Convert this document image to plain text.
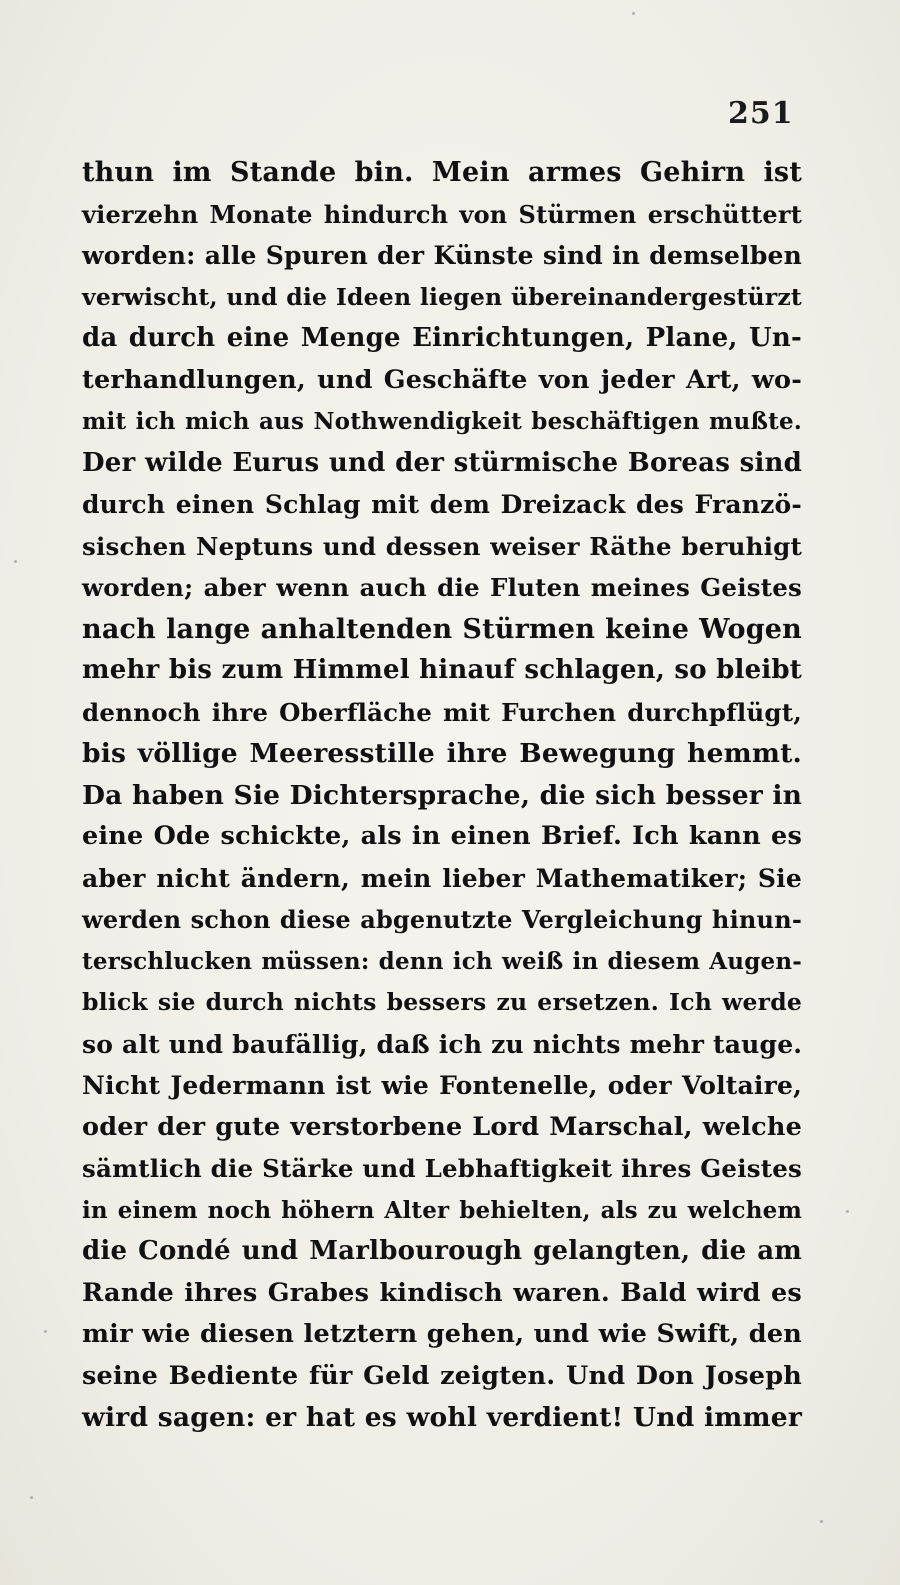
251
thun im Stande bin. Mein armes Gehirn ist
vierzehn Monate hindurch von Stürmen erschüttert
worden: alle Spuren der Künste sind in demselben
verwischt, und die Ideen liegen übereinandergestürzt
da durch eine Menge Einrichtungen, Plane, Un-
terhandlungen, und Geschäfte von jeder Art, wo-
mit ich mich aus Nothwendigkeit beschäftigen mußte.
Der wilde Eurus und der stürmische Boreas sind
durch einen Schlag mit dem Dreizack des Franzö-
sischen Neptuns und dessen weiser Räthe beruhigt
worden; aber wenn auch die Fluten meines Geistes
nach lange anhaltenden Stürmen keine Wogen
mehr bis zum Himmel hinauf schlagen, so bleibt
dennoch ihre Oberfläche mit Furchen durchpflügt,
bis völlige Meeresstille ihre Bewegung hemmt.
Da haben Sie Dichtersprache, die sich besser in
eine Ode schickte, als in einen Brief. Ich kann es
aber nicht ändern, mein lieber Mathematiker; Sie
werden schon diese abgenutzte Vergleichung hinun-
terschlucken müssen: denn ich weiß in diesem Augen-
blick sie durch nichts bessers zu ersetzen. Ich werde
so alt und baufällig, daß ich zu nichts mehr tauge.
Nicht Jedermann ist wie Fontenelle, oder Voltaire,
oder der gute verstorbene Lord Marschal, welche
sämtlich die Stärke und Lebhaftigkeit ihres Geistes
in einem noch höhern Alter behielten, als zu welchem
die Condé und Marlbourough gelangten, die am
Rande ihres Grabes kindisch waren. Bald wird es
mir wie diesen letztern gehen, und wie Swift, den
seine Bediente für Geld zeigten. Und Don Joseph
wird sagen: er hat es wohl verdient! Und immer
